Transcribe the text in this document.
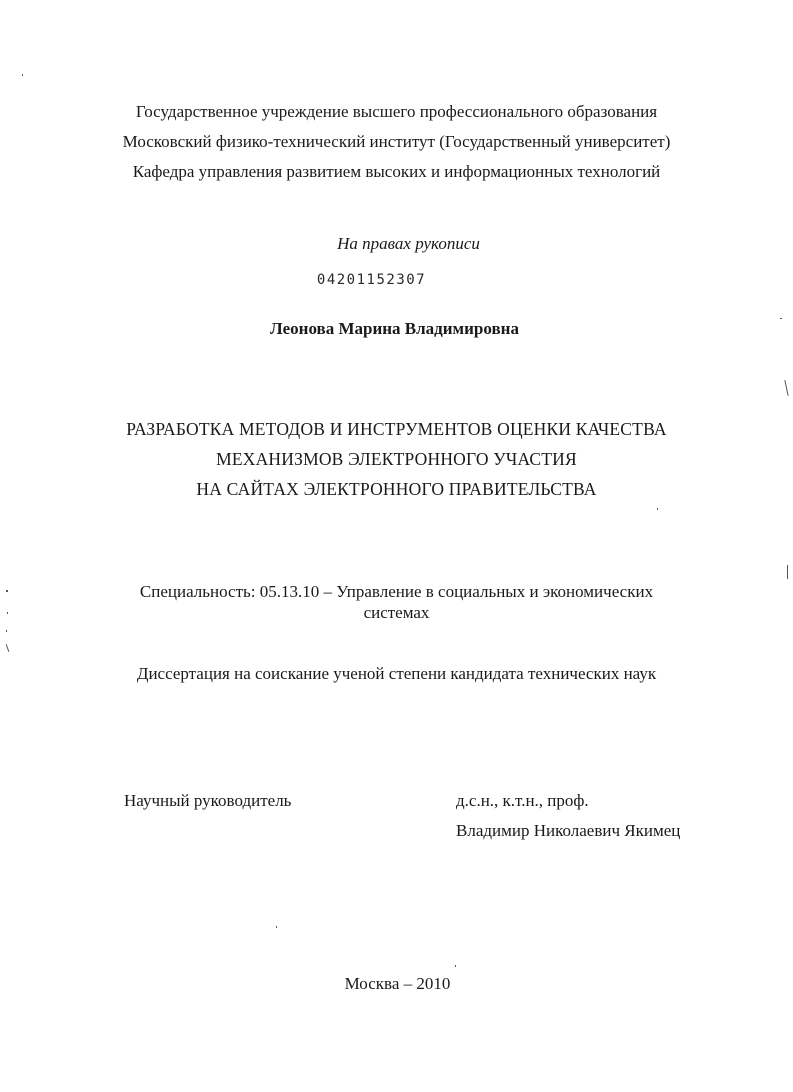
Государственное учреждение высшего профессионального образования
Московский физико-технический институт (Государственный университет)
Кафедра управления развитием высоких и информационных технологий
На правах рукописи
04201152307
Леонова Марина Владимировна
РАЗРАБОТКА МЕТОДОВ И ИНСТРУМЕНТОВ ОЦЕНКИ КАЧЕСТВА
МЕХАНИЗМОВ ЭЛЕКТРОННОГО УЧАСТИЯ
НА САЙТАХ ЭЛЕКТРОННОГО ПРАВИТЕЛЬСТВА
Специальность: 05.13.10 – Управление в социальных и экономических
системах
Диссертация на соискание ученой степени кандидата технических наук
Научный руководитель	д.с.н., к.т.н., проф.
Владимир Николаевич Якимец
Москва – 2010
